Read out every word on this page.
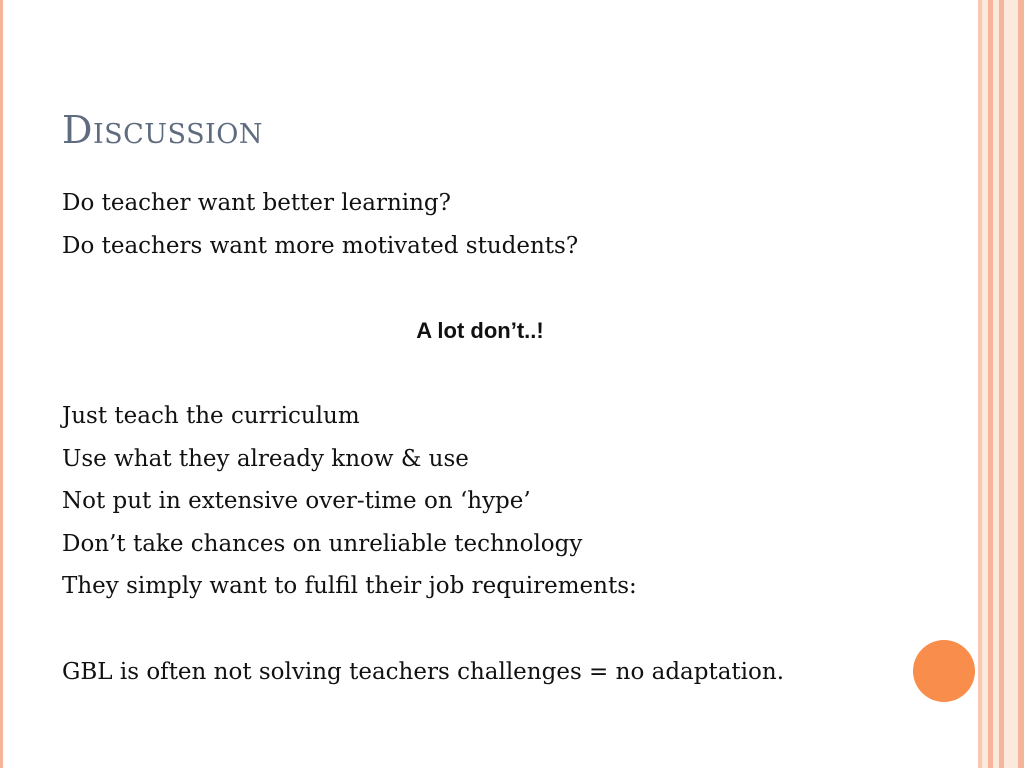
Discussion
Do teacher want better learning?
Do teachers want more motivated students?
A lot don’t..!
Just teach the curriculum
Use what they already know & use
Not put in extensive over-time on ‘hype’
Don’t take chances on unreliable technology
They simply want to fulfil their job requirements:
GBL is often not solving teachers challenges = no adaptation.
